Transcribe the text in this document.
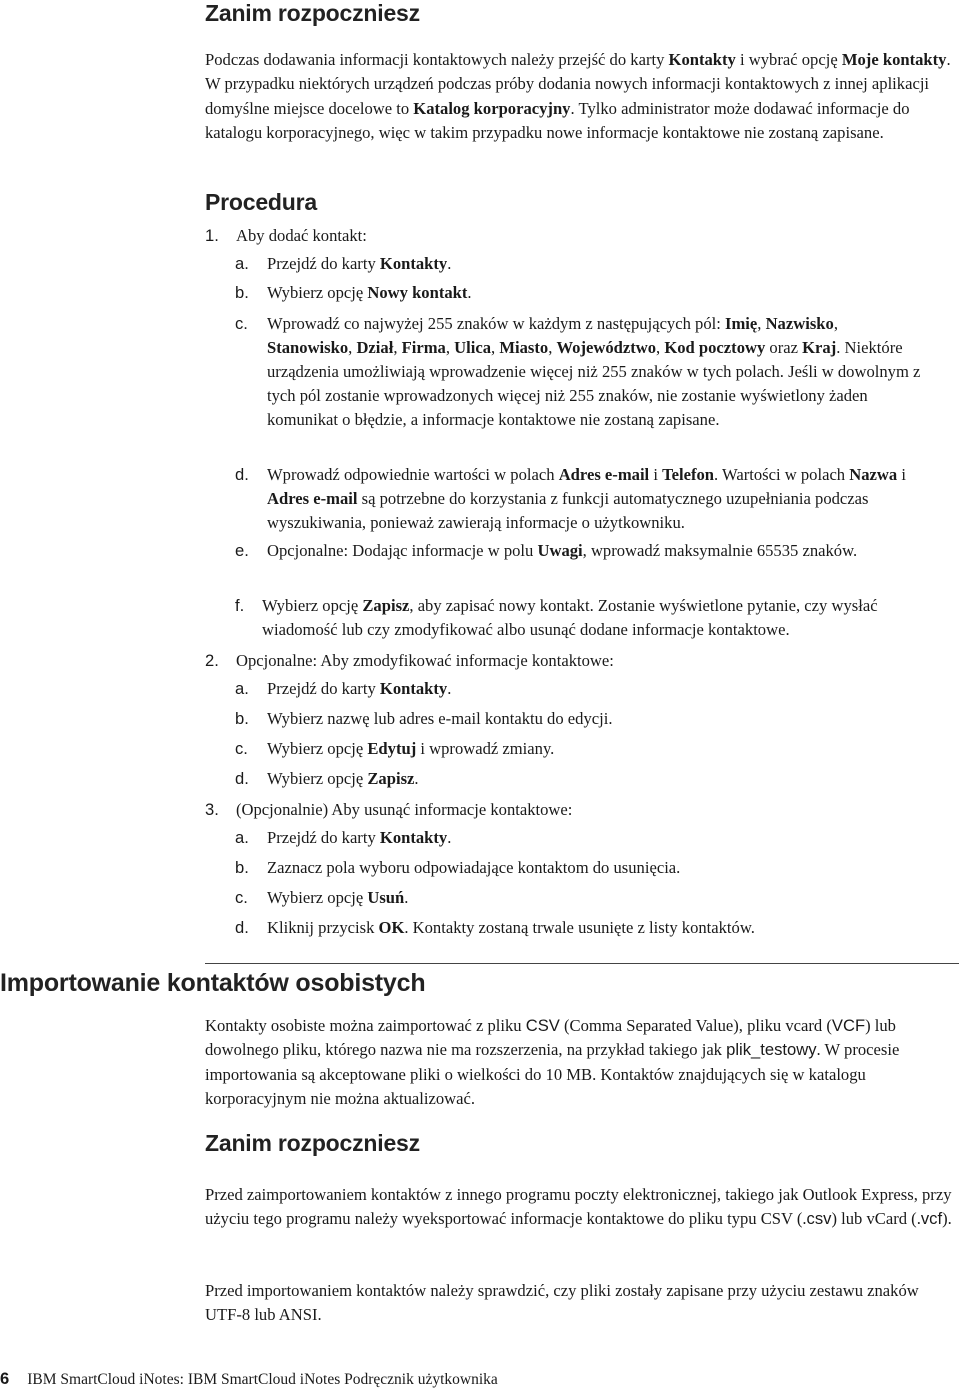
Zanim rozpoczniesz

Podczas dodawania informacji kontaktowych należy przejść do karty Kontakty i wybrać opcję Moje kontakty. W przypadku niektórych urządzeń podczas próby dodania nowych informacji kontaktowych z innej aplikacji domyślne miejsce docelowe to Katalog korporacyjny. Tylko administrator może dodawać informacje do katalogu korporacyjnego, więc w takim przypadku nowe informacje kontaktowe nie zostaną zapisane.

Procedura
1. Aby dodać kontakt:
a. Przejdź do karty Kontakty.
b. Wybierz opcję Nowy kontakt.
c. Wprowadź co najwyżej 255 znaków w każdym z następujących pól: Imię, Nazwisko, Stanowisko, Dział, Firma, Ulica, Miasto, Województwo, Kod pocztowy oraz Kraj. Niektóre urządzenia umożliwiają wprowadzenie więcej niż 255 znaków w tych polach. Jeśli w dowolnym z tych pól zostanie wprowadzonych więcej niż 255 znaków, nie zostanie wyświetlony żaden komunikat o błędzie, a informacje kontaktowe nie zostaną zapisane.
d. Wprowadź odpowiednie wartości w polach Adres e-mail i Telefon. Wartości w polach Nazwa i Adres e-mail są potrzebne do korzystania z funkcji automatycznego uzupełniania podczas wyszukiwania, ponieważ zawierają informacje o użytkowniku.
e. Opcjonalne: Dodając informacje w polu Uwagi, wprowadź maksymalnie 65535 znaków.
f. Wybierz opcję Zapisz, aby zapisać nowy kontakt. Zostanie wyświetlone pytanie, czy wysłać wiadomość lub czy zmodyfikować albo usunąć dodane informacje kontaktowe.
2. Opcjonalne: Aby zmodyfikować informacje kontaktowe:
a. Przejdź do karty Kontakty.
b. Wybierz nazwę lub adres e-mail kontaktu do edycji.
c. Wybierz opcję Edytuj i wprowadź zmiany.
d. Wybierz opcję Zapisz.
3. (Opcjonalnie) Aby usunąć informacje kontaktowe:
a. Przejdź do karty Kontakty.
b. Zaznacz pola wyboru odpowiadające kontaktom do usunięcia.
c. Wybierz opcję Usuń.
d. Kliknij przycisk OK. Kontakty zostaną trwale usunięte z listy kontaktów.
Importowanie kontaktów osobistych

Kontakty osobiste można zaimportować z pliku CSV (Comma Separated Value), pliku vcard (VCF) lub dowolnego pliku, którego nazwa nie ma rozszerzenia, na przykład takiego jak plik_testowy. W procesie importowania są akceptowane pliki o wielkości do 10 MB. Kontaktów znajdujących się w katalogu korporacyjnym nie można aktualizować.

Zanim rozpoczniesz

Przed zaimportowaniem kontaktów z innego programu poczty elektronicznej, takiego jak Outlook Express, przy użyciu tego programu należy wyeksportować informacje kontaktowe do pliku typu CSV (.csv) lub vCard (.vcf).

Przed importowaniem kontaktów należy sprawdzić, czy pliki zostały zapisane przy użyciu zestawu znaków UTF-8 lub ANSI.

6 IBM SmartCloud iNotes: IBM SmartCloud iNotes Podręcznik użytkownika
